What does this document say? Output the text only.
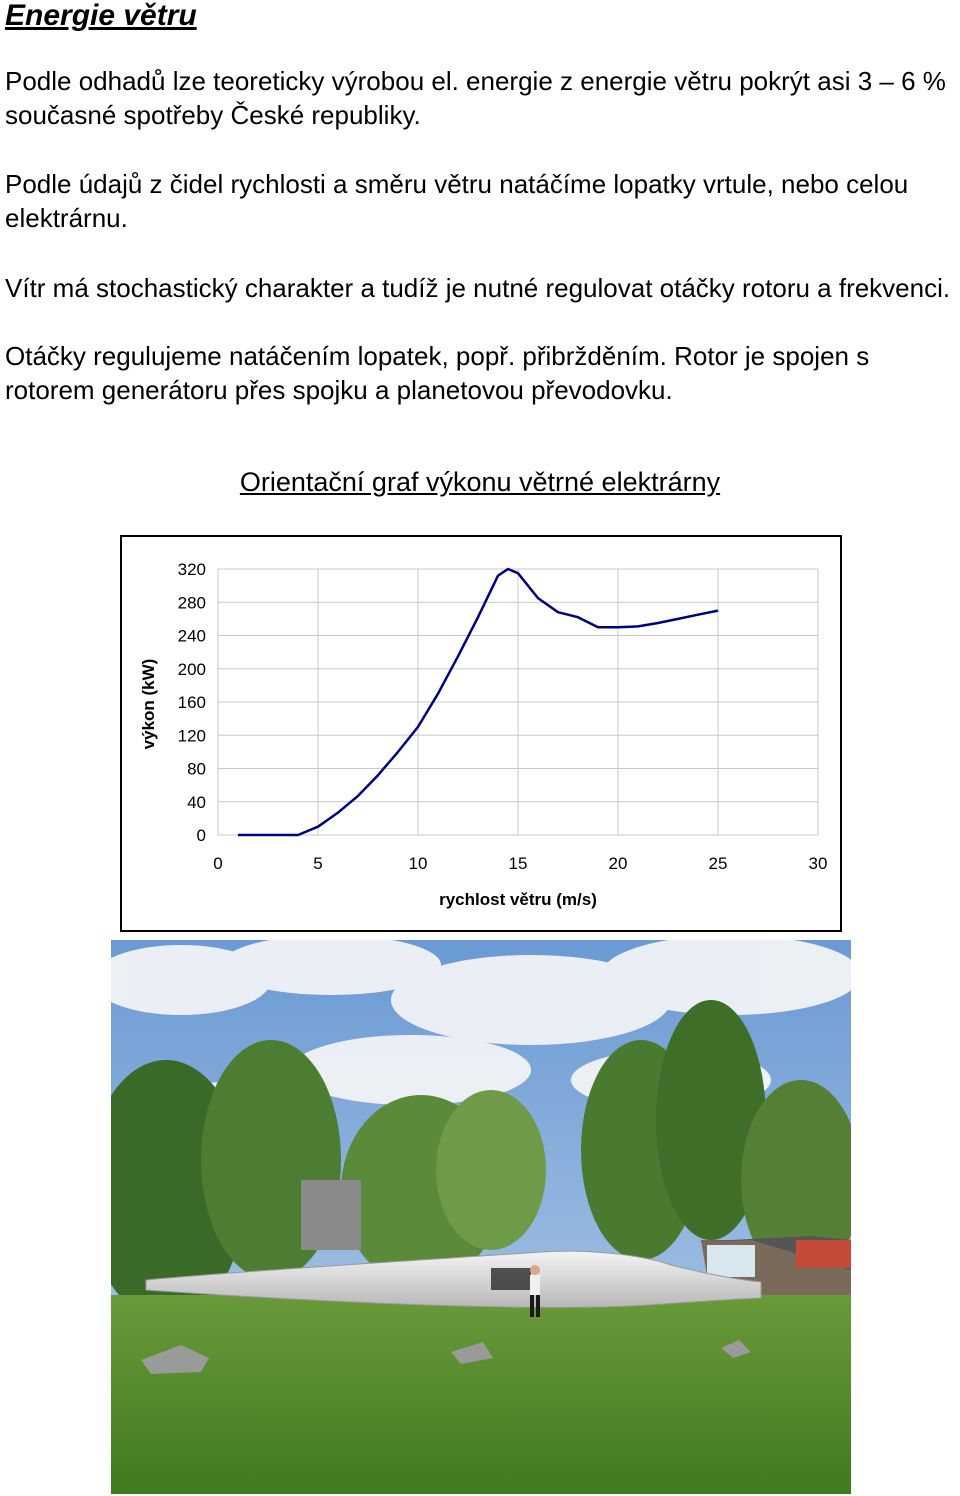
Energie větru

Podle odhadů lze teoreticky výrobou el. energie z energie větru pokrýt asi 3 – 6 % současné spotřeby České republiky.

Podle údajů z čidel rychlosti a směru větru natáčíme lopatky vrtule, nebo celou elektrárnu.

Vítr má stochastický charakter a tudíž je nutné regulovat otáčky rotoru a frekvenci.

Otáčky regulujeme natáčením lopatek, popř. přibržděním. Rotor je spojen s rotorem generátoru přes spojku a planetovou převodovku.

Orientační graf výkonu větrné elektrárny
0	5	10	15	20	25	30
0
40
80
120
160
200
240
280
320
rychlost větru (m/s)
výkon (kW)
